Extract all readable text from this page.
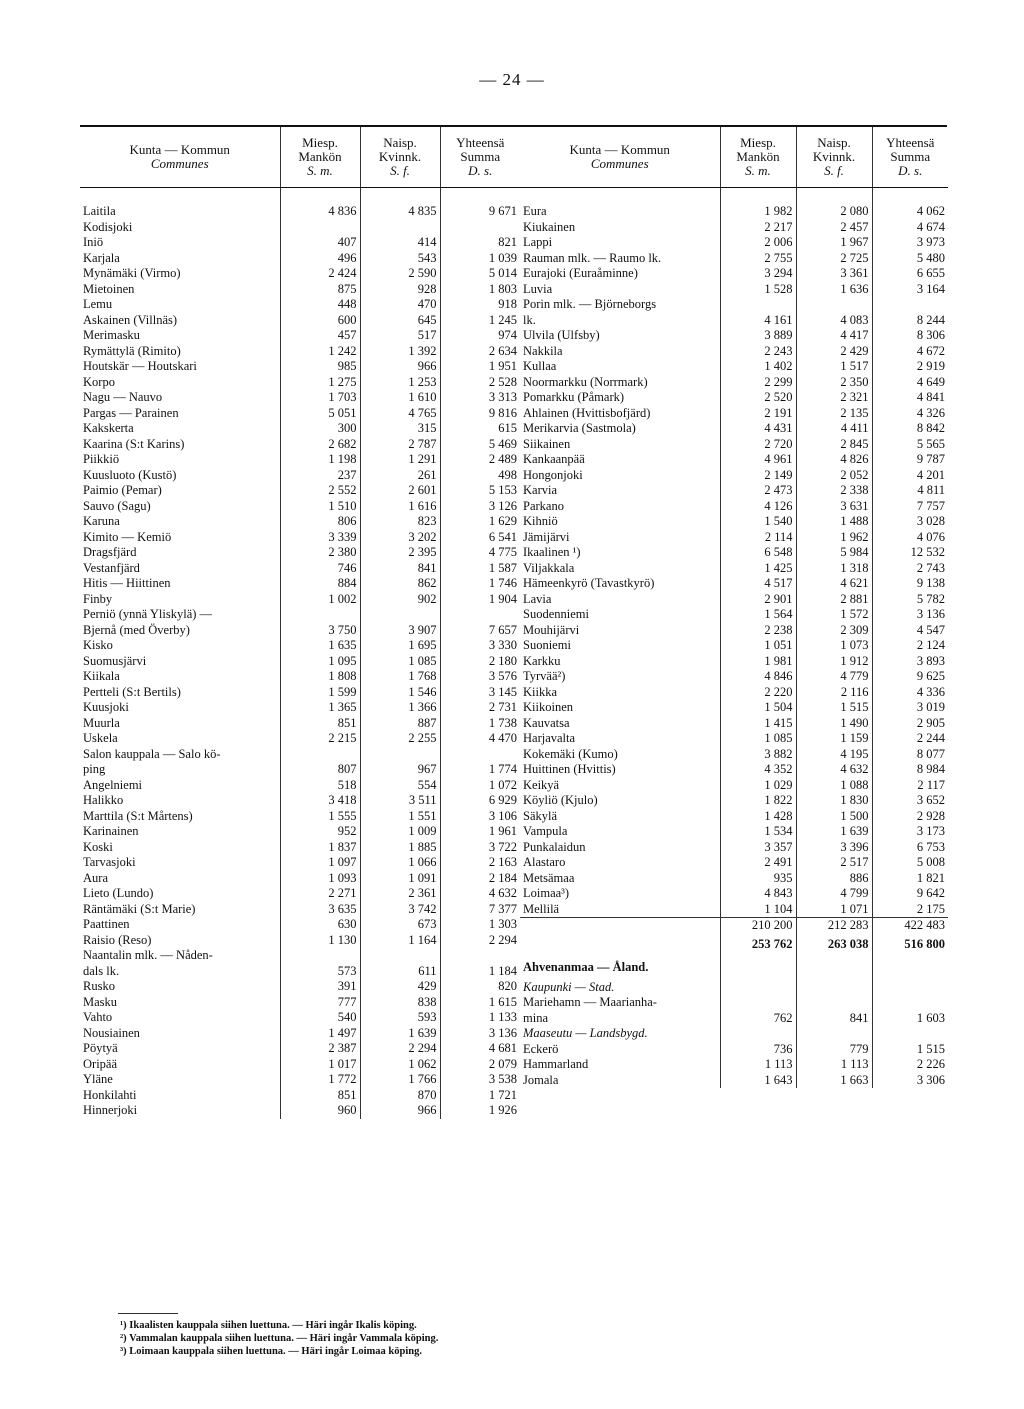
— 24 —
Kunta — Kommun
Communes	Miesp.
Mankön
S. m.	Naisp.
Kvinnk.
S. f.	Yhteensä
Summa
D. s.

Laitila	4 836	4 835	9 671
Kodisjoki			
Iniö	407	414	821
Karjala	496	543	1 039
Mynämäki (Virmo)	2 424	2 590	5 014
Mietoinen	875	928	1 803
Lemu	448	470	918
Askainen (Villnäs)	600	645	1 245
Merimasku	457	517	974
Rymättylä (Rimito)	1 242	1 392	2 634
Houtskär — Houtskari	985	966	1 951
Korpo	1 275	1 253	2 528
Nagu — Nauvo	1 703	1 610	3 313
Pargas — Parainen	5 051	4 765	9 816
Kakskerta	300	315	615
Kaarina (S:t Karins)	2 682	2 787	5 469
Piikkiö	1 198	1 291	2 489
Kuusluoto (Kustö)	237	261	498
Paimio (Pemar)	2 552	2 601	5 153
Sauvo (Sagu)	1 510	1 616	3 126
Karuna	806	823	1 629
Kimito — Kemiö	3 339	3 202	6 541
Dragsfjärd	2 380	2 395	4 775
Vestanfjärd	746	841	1 587
Hitis — Hiittinen	884	862	1 746
Finby	1 002	902	1 904
Perniö (ynnä Yliskylä) —			
Bjernå (med Överby)	3 750	3 907	7 657
Kisko	1 635	1 695	3 330
Suomusjärvi	1 095	1 085	2 180
Kiikala	1 808	1 768	3 576
Pertteli (S:t Bertils)	1 599	1 546	3 145
Kuusjoki	1 365	1 366	2 731
Muurla	851	887	1 738
Uskela	2 215	2 255	4 470
Salon kauppala — Salo kö-			
ping	807	967	1 774
Angelniemi	518	554	1 072
Halikko	3 418	3 511	6 929
Marttila (S:t Mårtens)	1 555	1 551	3 106
Karinainen	952	1 009	1 961
Koski	1 837	1 885	3 722
Tarvasjoki	1 097	1 066	2 163
Aura	1 093	1 091	2 184
Lieto (Lundo)	2 271	2 361	4 632
Räntämäki (S:t Marie)	3 635	3 742	7 377
Paattinen	630	673	1 303
Raisio (Reso)	1 130	1 164	2 294
Naantalin mlk. — Nåden-			
dals lk.	573	611	1 184
Rusko	391	429	820
Masku	777	838	1 615
Vahto	540	593	1 133
Nousiainen	1 497	1 639	3 136
Pöytyä	2 387	2 294	4 681
Oripää	1 017	1 062	2 079
Yläne	1 772	1 766	3 538
Honkilahti	851	870	1 721
Hinnerjoki	960	966	1 926
Kunta — Kommun
Communes	Miesp.
Mankön
S. m.	Naisp.
Kvinnk.
S. f.	Yhteensä
Summa
D. s.

Eura	1 982	2 080	4 062
Kiukainen	2 217	2 457	4 674
Lappi	2 006	1 967	3 973
Rauman mlk. — Raumo lk.	2 755	2 725	5 480
Eurajoki (Euraåminne)	3 294	3 361	6 655
Luvia	1 528	1 636	3 164
Porin mlk. — Björneborgs			
lk.	4 161	4 083	8 244
Ulvila (Ulfsby)	3 889	4 417	8 306
Nakkila	2 243	2 429	4 672
Kullaa	1 402	1 517	2 919
Noormarkku (Norrmark)	2 299	2 350	4 649
Pomarkku (Påmark)	2 520	2 321	4 841
Ahlainen (Hvittisbofjärd)	2 191	2 135	4 326
Merikarvia (Sastmola)	4 431	4 411	8 842
Siikainen	2 720	2 845	5 565
Kankaanpää	4 961	4 826	9 787
Hongonjoki	2 149	2 052	4 201
Karvia	2 473	2 338	4 811
Parkano	4 126	3 631	7 757
Kihniö	1 540	1 488	3 028
Jämijärvi	2 114	1 962	4 076
Ikaalinen ¹)	6 548	5 984	12 532
Viljakkala	1 425	1 318	2 743
Hämeenkyrö (Tavastkyrö)	4 517	4 621	9 138
Lavia	2 901	2 881	5 782
Suodenniemi	1 564	1 572	3 136
Mouhijärvi	2 238	2 309	4 547
Suoniemi	1 051	1 073	2 124
Karkku	1 981	1 912	3 893
Tyrvää²)	4 846	4 779	9 625
Kiikka	2 220	2 116	4 336
Kiikoinen	1 504	1 515	3 019
Kauvatsa	1 415	1 490	2 905
Harjavalta	1 085	1 159	2 244
Kokemäki (Kumo)	3 882	4 195	8 077
Huittinen (Hvittis)	4 352	4 632	8 984
Keikyä	1 029	1 088	2 117
Köyliö (Kjulo)	1 822	1 830	3 652
Säkylä	1 428	1 500	2 928
Vampula	1 534	1 639	3 173
Punkalaidun	3 357	3 396	6 753
Alastaro	2 491	2 517	5 008
Metsämaa	935	886	1 821
Loimaa³)	4 843	4 799	9 642
Mellilä	1 104	1 071	2 175
	210 200	212 283	422 483
	253 762	263 038	516 800
Ahvenanmaa — Åland.			
Kaupunki — Stad.			
Mariehamn — Maarianha-			
mina	762	841	1 603
Maaseutu — Landsbygd.			
Eckerö	736	779	1 515
Hammarland	1 113	1 113	2 226
Jomala	1 643	1 663	3 306
¹) Ikaalisten kauppala siihen luettuna. — Häri ingår Ikalis köping.
²) Vammalan kauppala siihen luettuna. — Häri ingår Vammala köping.
³) Loimaan kauppala siihen luettuna. — Häri ingår Loimaa köping.
